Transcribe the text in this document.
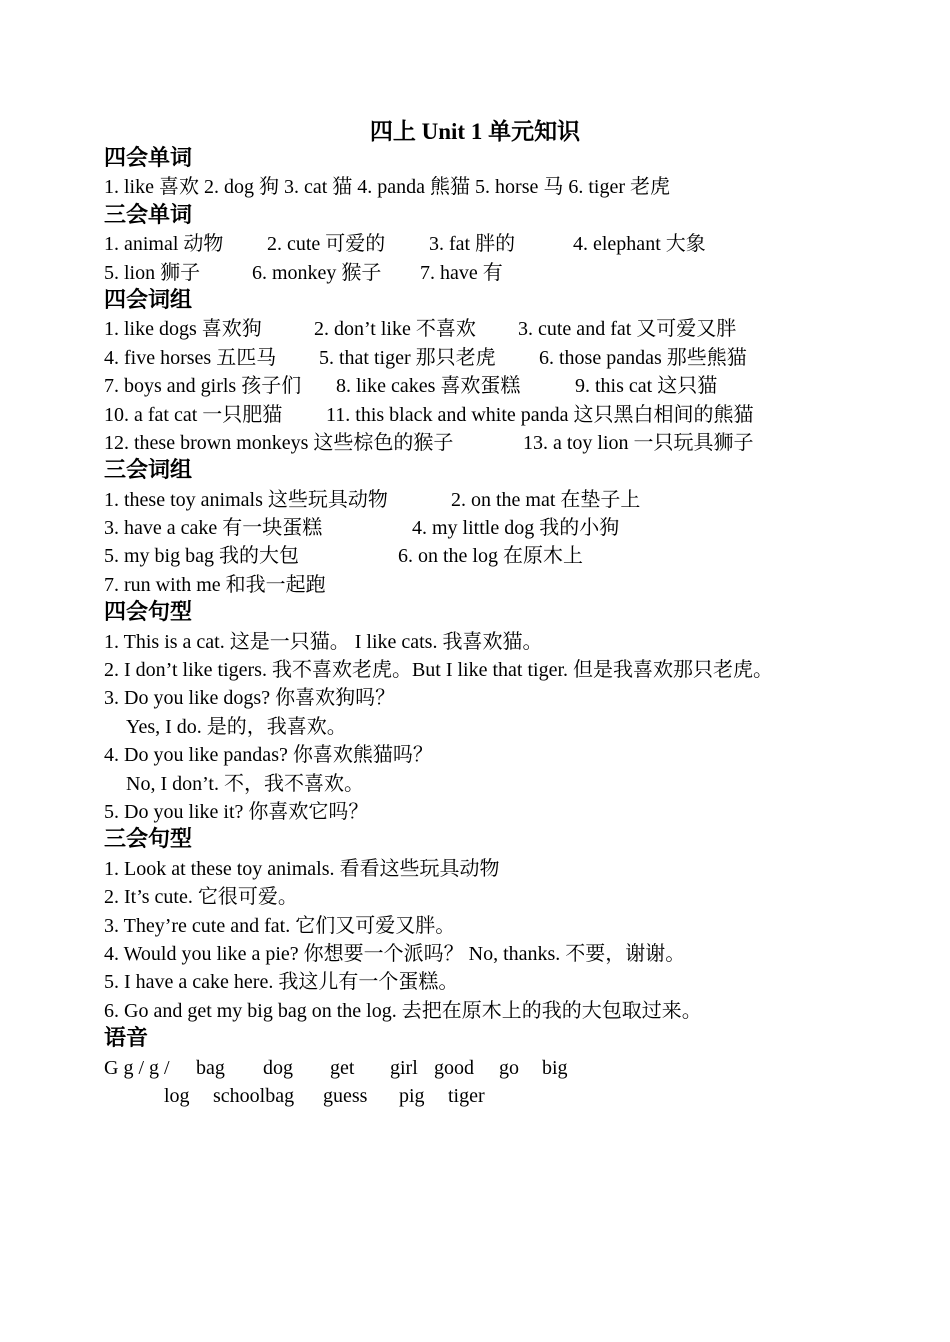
四上 Unit 1 单元知识
四会单词
1. like 喜欢 2. dog 狗 3. cat 猫 4. panda 熊猫 5. horse 马 6. tiger 老虎
三会单词
1. animal 动物 2. cute 可爱的 3. fat 胖的	4. elephant 大象
5. lion 狮子	6. monkey 猴子 7. have 有
四会词组
1. like dogs 喜欢狗	2. don’t like 不喜欢 3. cute and fat 又可爱又胖
4. five horses 五匹马 5. that tiger 那只老虎 6. those pandas 那些熊猫
7. boys and girls 孩子们 8. like cakes 喜欢蛋糕	9. this cat 这只猫
10. a fat cat 一只肥猫 11. this black and white panda 这只黑白相间的熊猫
12. these brown monkeys 这些棕色的猴子	13. a toy lion 一只玩具狮子
三会词组
1. these toy animals 这些玩具动物	2. on the mat 在垫子上
3. have a cake 有一块蛋糕	4. my little dog 我的小狗
5. my big bag 我的大包	6. on the log 在原木上
7. run with me 和我一起跑
四会句型
1. This is a cat. 这是一只猫。 I like cats. 我喜欢猫。
2. I don’t like tigers. 我不喜欢老虎。But I like that tiger. 但是我喜欢那只老虎。
3. Do you like dogs? 你喜欢狗吗？
Yes, I do. 是的，我喜欢。
4. Do you like pandas? 你喜欢熊猫吗？
No, I don’t. 不，我不喜欢。
5. Do you like it? 你喜欢它吗？
三会句型
1. Look at these toy animals. 看看这些玩具动物
2. It’s cute. 它很可爱。
3. They’re cute and fat. 它们又可爱又胖。
4. Would you like a pie? 你想要一个派吗？ No, thanks. 不要，谢谢。
5. I have a cake here. 我这儿有一个蛋糕。
6. Go and get my big bag on the log. 去把在原木上的我的大包取过来。
语音
G g / g / bag dog get girl good go big
log schoolbag guess pig tiger
